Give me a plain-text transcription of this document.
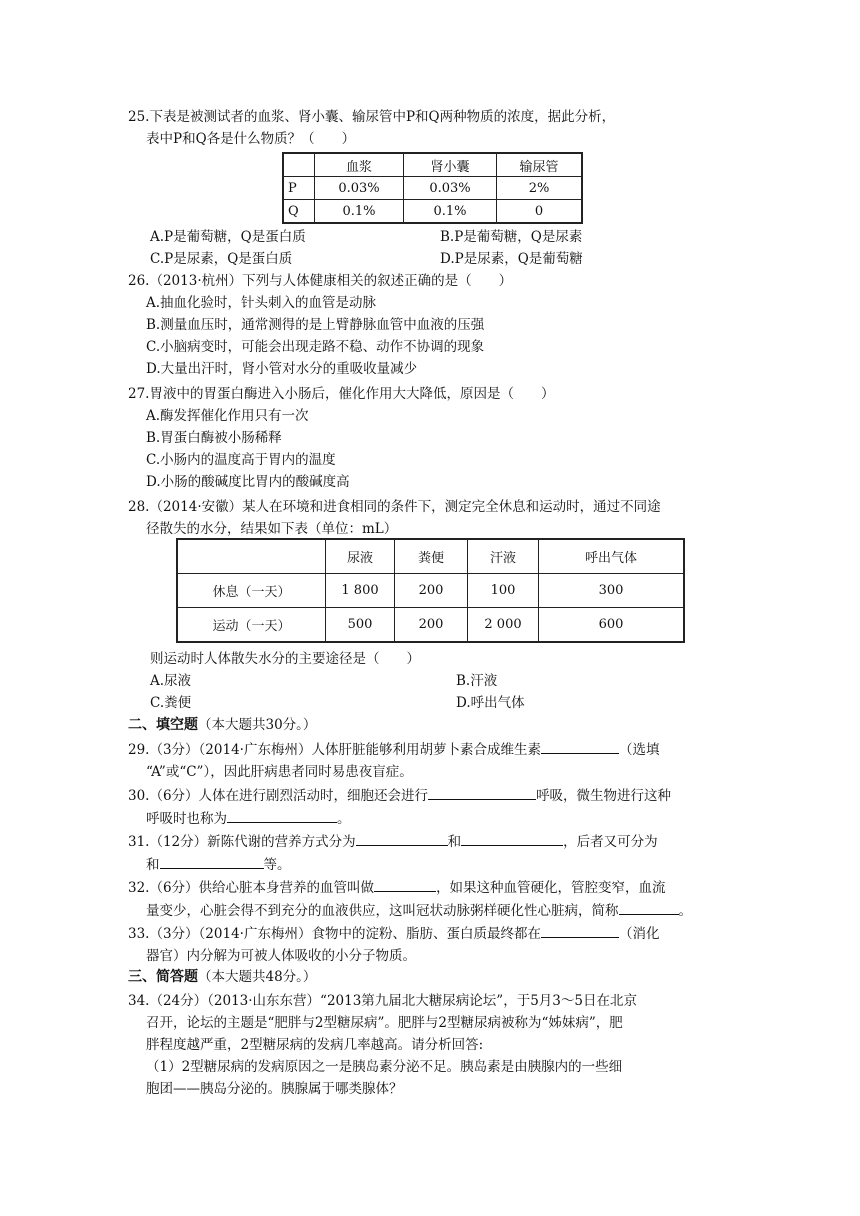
25.下表是被测试者的血浆、肾小囊、输尿管中P和Q两种物质的浓度，据此分析，
表中P和Q各是什么物质？（　　）
	血浆	肾小囊	输尿管
P	0.03%	0.03%	2%
Q	0.1%	0.1%	0
A.P是葡萄糖，Q是蛋白质	B.P是葡萄糖，Q是尿素
C.P是尿素，Q是蛋白质	D.P是尿素，Q是葡萄糖
26.（2013·杭州）下列与人体健康相关的叙述正确的是（　　）
A.抽血化验时，针头刺入的血管是动脉
B.测量血压时，通常测得的是上臂静脉血管中血液的压强
C.小脑病变时，可能会出现走路不稳、动作不协调的现象
D.大量出汗时，肾小管对水分的重吸收量减少
27.胃液中的胃蛋白酶进入小肠后，催化作用大大降低，原因是（　　）
A.酶发挥催化作用只有一次
B.胃蛋白酶被小肠稀释
C.小肠内的温度高于胃内的温度
D.小肠的酸碱度比胃内的酸碱度高
28.（2014·安徽）某人在环境和进食相同的条件下，测定完全休息和运动时，通过不同途
径散失的水分，结果如下表（单位：mL）
	尿液	粪便	汗液	呼出气体
休息（一天）	1 800	200	100	300
运动（一天）	500	200	2 000	600
则运动时人体散失水分的主要途径是（　　）
A.尿液	B.汗液
C.粪便	D.呼出气体
二、填空题（本大题共30分。）
29.（3分）（2014·广东梅州）人体肝脏能够利用胡萝卜素合成维生素	（选填
“A”或“C”），因此肝病患者同时易患夜盲症。
30.（6分）人体在进行剧烈活动时，细胞还会进行	呼吸，微生物进行这种
呼吸时也称为	。
31.（12分）新陈代谢的营养方式分为	和	，后者又可分为
和	等。
32.（6分）供给心脏本身营养的血管叫做	，如果这种血管硬化，管腔变窄，血流
量变少，心脏会得不到充分的血液供应，这叫冠状动脉粥样硬化性心脏病，简称	。
33.（3分）（2014·广东梅州）食物中的淀粉、脂肪、蛋白质最终都在	（消化
器官）内分解为可被人体吸收的小分子物质。
三、简答题（本大题共48分。）
34.（24分）（2013·山东东营）“2013第九届北大糖尿病论坛”，于5月3～5日在北京
召开，论坛的主题是“肥胖与2型糖尿病”。肥胖与2型糖尿病被称为“姊妹病”，肥
胖程度越严重，2型糖尿病的发病几率越高。请分析回答:
（1）2型糖尿病的发病原因之一是胰岛素分泌不足。胰岛素是由胰腺内的一些细
胞团——胰岛分泌的。胰腺属于哪类腺体？
